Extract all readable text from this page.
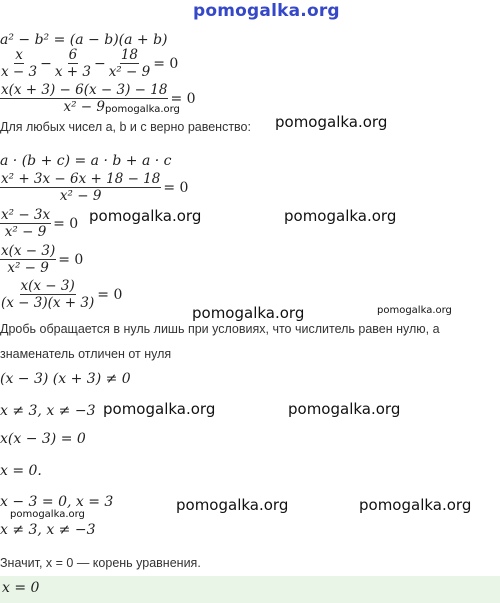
pomogalka.org
a² − b² = (a − b)(a + b)
$\frac{x}{x - 3} - \frac{6}{x + 3} - \frac{18}{\text{x² − 9}} = 0$
$\frac{x(x + 3) - 6(x - 3) - 18}{\text{x² − 9}} = 0$
pomogalka.org
Для любых чисел a, b и c верно равенство: pomogalka.org
a · (b + c) = a · b + a · c
$\frac{\text{x² + 3x − 6x + 18 − 18}}{\text{x² − 9}} = 0$
$\frac{\text{x² − 3x}}{\text{x² − 9}} = 0$ pomogalka.org	pomogalka.org
$\frac{x(x - 3)}{\text{x² − 9}} = 0$
$\frac{x(x - 3)}{(x - 3)(x + 3)} = 0$
pomogalka.org	pomogalka.org
Дробь обращается в нуль лишь при условиях, что числитель равен нулю, а
знаменатель отличен от нуля
(x − 3) (x + 3) ≠ 0
x ≠ 3, x ≠ −3 pomogalka.org	pomogalka.org
x(x − 3) = 0
x = 0.
x − 3 = 0, x = 3
pomogalka.org
x ≠ 3, x ≠ −3
pomogalka.org	pomogalka.org
Значит, x = 0 — корень уравнения.
x = 0
